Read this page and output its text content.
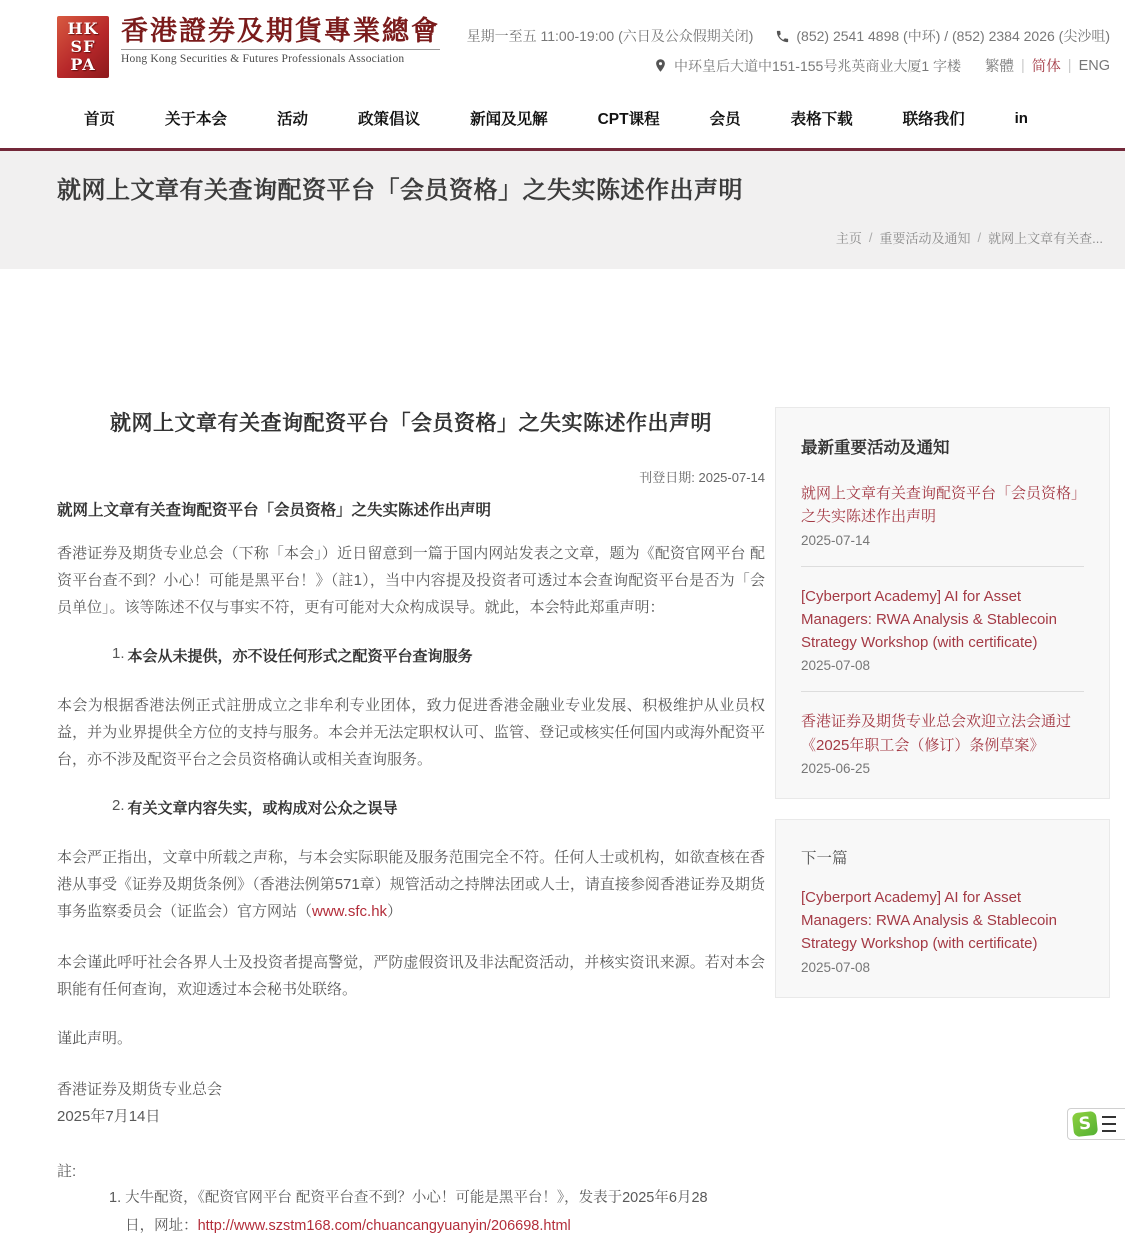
HK
SF
PA
香港證券及期貨專業總會
Hong Kong Securities & Futures Professionals Association
星期一至五 11:00-19:00 (六日及公众假期关闭)	(852) 2541 4898 (中环) / (852) 2384 2026 (尖沙咀)
中环皇后大道中151-155号兆英商业大厦1 字楼 繁體 | 简体 | ENG
首页	关于本会	活动	政策倡议	新闻及见解	CPT课程	会员	表格下载	联络我们	in
就网上文章有关查询配资平台「会员资格」之失实陈述作出声明
主页 / 重要活动及通知 / 就网上文章有关查...
就网上文章有关查询配资平台「会员资格」之失实陈述作出声明
刊登日期: 2025-07-14

就网上文章有关查询配资平台「会员资格」之失实陈述作出声明

香港证券及期货专业总会（下称「本会」）近日留意到一篇于国内网站发表之文章，题为《配资官网平台 配资平台查不到？小心！可能是黑平台！》（註1），当中内容提及投资者可透过本会查询配资平台是否为「会员单位」。该等陈述不仅与事实不符，更有可能对大众构成误导。就此，本会特此郑重声明：

1. 本会从未提供，亦不设任何形式之配资平台查询服务

本会为根据香港法例正式註册成立之非牟利专业团体，致力促进香港金融业专业发展、积极维护从业员权益，并为业界提供全方位的支持与服务。本会并无法定职权认可、监管、登记或核实任何国内或海外配资平台，亦不涉及配资平台之会员资格确认或相关查询服务。

2. 有关文章内容失实，或构成对公众之误导

本会严正指出，文章中所载之声称，与本会实际职能及服务范围完全不符。任何人士或机构，如欲查核在香港从事受《证券及期货条例》（香港法例第571章）规管活动之持牌法团或人士，请直接参阅香港证券及期货事务监察委员会（证监会）官方网站（www.sfc.hk）

本会谨此呼吁社会各界人士及投资者提高警觉，严防虚假资讯及非法配资活动，并核实资讯来源。若对本会职能有任何查询，欢迎透过本会秘书处联络。

谨此声明。

香港证券及期货专业总会
2025年7月14日
註:
1. 大牛配资，《配资官网平台 配资平台查不到？小心！可能是黑平台！》，发表于2025年6月28日，网址：http://www.szstm168.com/chuancangyuanyin/206698.html
最新重要活动及通知
就网上文章有关查询配资平台「会员资格」之失实陈述作出声明
2025-07-14
[Cyberport Academy] AI for Asset Managers: RWA Analysis & Stablecoin Strategy Workshop (with certificate)
2025-07-08
香港证券及期货专业总会欢迎立法会通过《2025年职工会（修订）条例草案》
2025-06-25
下一篇
[Cyberport Academy] AI for Asset Managers: RWA Analysis & Stablecoin Strategy Workshop (with certificate)
2025-07-08
S
